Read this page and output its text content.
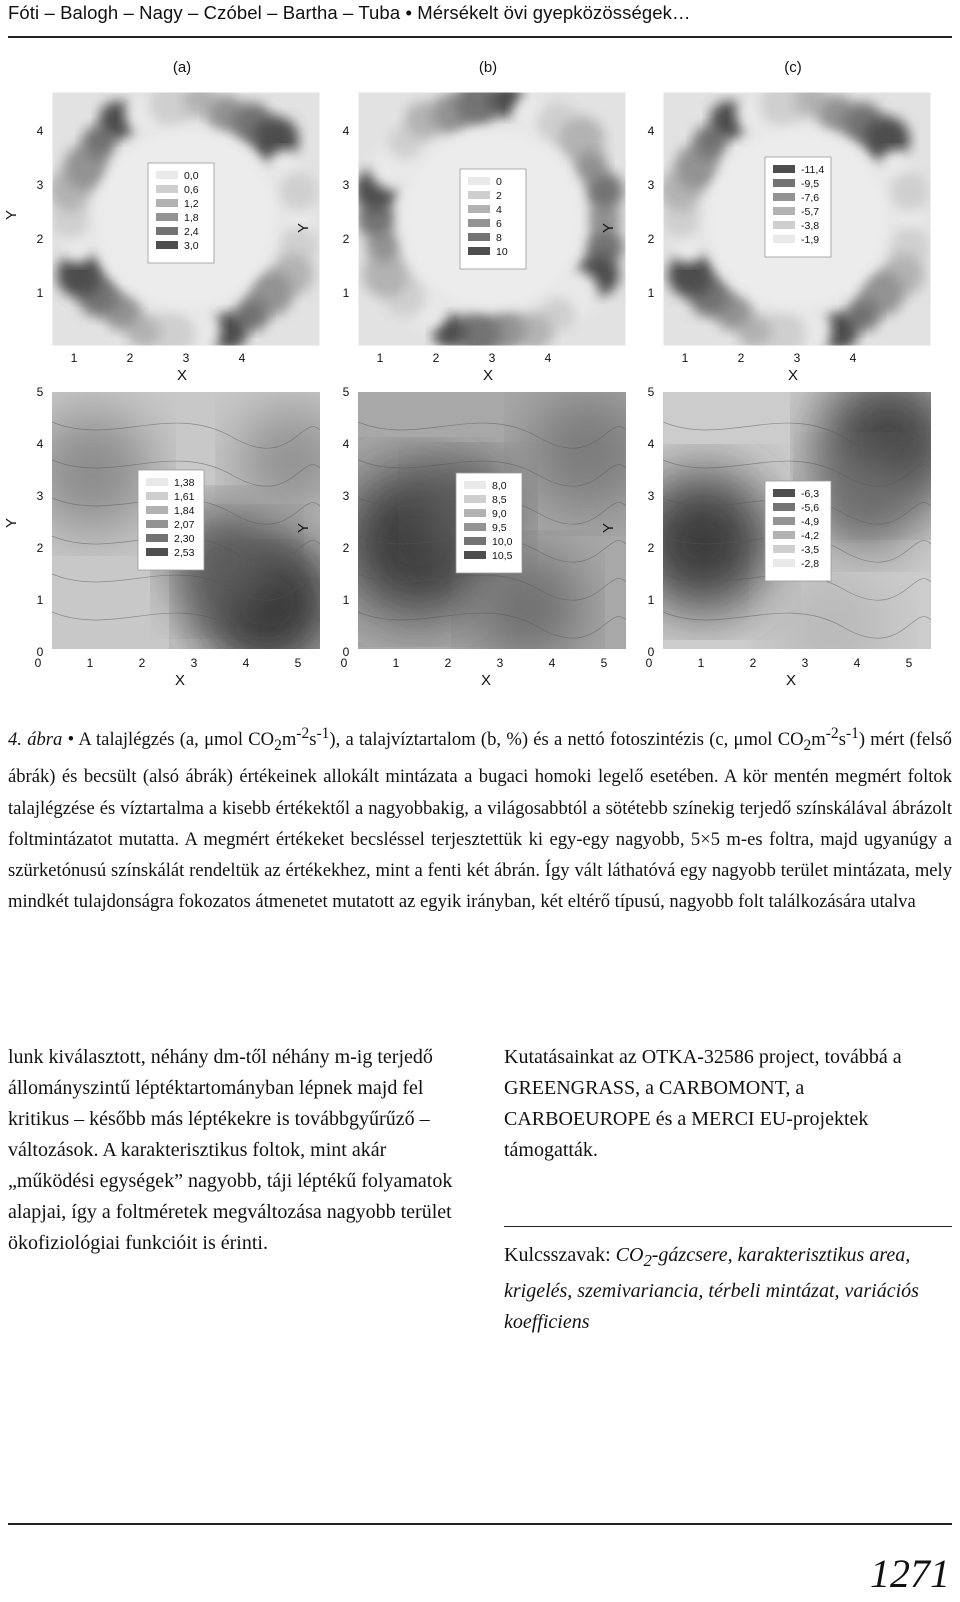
Fóti – Balogh – Nagy – Czóbel – Bartha – Tuba • Mérsékelt övi gyepközösségek…
(a)	(b)	(c)
1	2	3	4
X
4
3
2
1
0	1	2	3	4	5
X
5
4
3
2
1
0
Y
Y
1	2	3	4
X
4
3
2
1
0	1	2	3	4	5
X
5
4
3
2
1
0
Y
Y
1	2	3	4
X
4
3
2
1
0	1	2	3	4	5
X
5
4
3
2
1
0
Y
Y
0,0
0,6
1,2
1,8
2,4
3,0
0
2
4
6
8
10
-11,4
-9,5
-7,6
-5,7
-3,8
-1,9
1,38
1,61
1,84
2,07
2,30
2,53
8,0
8,5
9,0
9,5
10,0
10,5
-6,3
-5,6
-4,9
-4,2
-3,5
-2,8
4. ábra • A talajlégzés (a, μmol $CO_2m^{-2}s^{-1}$), a talajvíztartalom (b, %) és a nettó fotoszintézis (c, μmol $CO_2m^{-2}s^{-1}$) mért (felső ábrák) és becsült (alsó ábrák) értékeinek allokált mintázata a bugaci homoki legelő esetében. A kör mentén megmért foltok talajlégzése és víztartalma a kisebb értékektől a nagyobbakig, a világosabbtól a sötétebb színekig terjedő színskálával ábrázolt foltmintázatot mutatta. A megmért értékeket becsléssel terjesztettük ki egy-egy nagyobb, 5×5 m-es foltra, majd ugyanúgy a szürketónusú színskálát rendeltük az értékekhez, mint a fenti két ábrán. Így vált láthatóvá egy nagyobb terület mintázata, mely mindkét tulajdonságra fokozatos átmenetet mutatott az egyik irányban, két eltérő típusú, nagyobb folt találkozására utalva
lunk kiválasztott, néhány dm-től néhány m-ig terjedő állományszintű léptéktartományban lépnek majd fel kritikus – később más léptékekre is továbbgyűrűző – változások. A karakterisztikus foltok, mint akár „működési egységek” nagyobb, táji léptékű folyamatok alapjai, így a foltméretek megváltozása nagyobb terület ökofiziológiai funkcióit is érinti.
Kutatásainkat az OTKA-32586 project, továbbá a GREENGRASS, a CARBOMONT, a CARBOEUROPE és a MERCI EU-projektek támogatták.
Kulcsszavak: $CO_2$-gázcsere, karakterisztikus area, krigelés, szemivariancia, térbeli mintázat, variációs koefficiens
1271
